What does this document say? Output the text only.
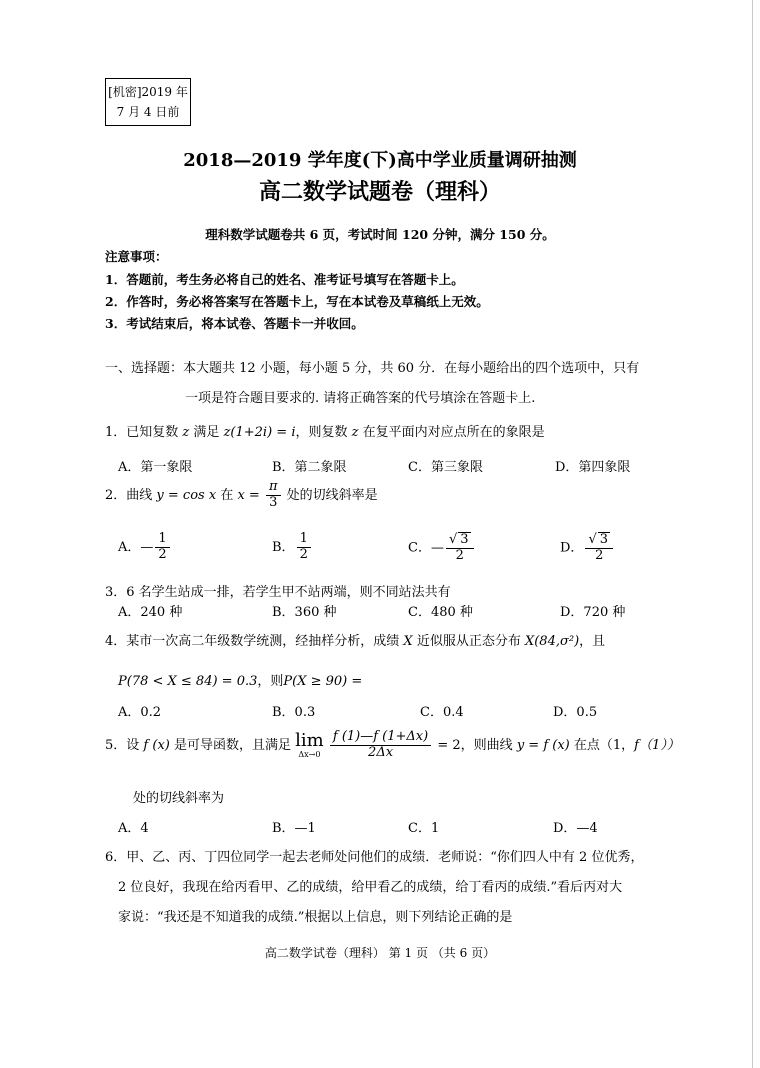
[机密]2019 年
7 月 4 日前
2018—2019 学年度(下)高中学业质量调研抽测
高二数学试题卷（理科）
理科数学试题卷共 6 页，考试时间 120 分钟，满分 150 分。
注意事项：
1．答题前，考生务必将自己的姓名、准考证号填写在答题卡上。
2．作答时，务必将答案写在答题卡上，写在本试卷及草稿纸上无效。
3．考试结束后，将本试卷、答题卡一并收回。
一、选择题：本大题共 12 小题，每小题 5 分，共 60 分．在每小题给出的四个选项中，只有
一项是符合题目要求的. 请将正确答案的代号填涂在答题卡上.
1．已知复数 z 满足 z(1+2i) = i，则复数 z 在复平面内对应点所在的象限是
A．第一象限	B．第二象限	C．第三象限	D．第四象限
2．曲线 y = cos x 在 $x = \frac{\pi}{3}$ 处的切线斜率是
A．— $\frac{1}{2}$	B． $\frac{1}{2}$	C．— $\frac{√ 3}{2}$	D． $\frac{√ 3}{2}$
3．6 名学生站成一排，若学生甲不站两端，则不同站法共有
A．240 种	B．360 种	C．480 种	D．720 种
4．某市一次高二年级数学统测，经抽样分析，成绩 X 近似服从正态分布 X(84,σ²)，且
P(78 < X ≤ 84) = 0.3，则P(X ≥ 90) =
A．0.2	B．0.3	C．0.4	D．0.5
5．设 f (x) 是可导函数，且满足 lim
Δx→0
$\frac{f (1)—f (1+\Delta x)}{2\Delta x} = 2$，则曲线 y = f (x) 在点（1，f（1））
处的切线斜率为
A．4	B．—1	C．1	D．—4
6．甲、乙、丙、丁四位同学一起去老师处问他们的成绩．老师说：“你们四人中有 2 位优秀，
2 位良好，我现在给丙看甲、乙的成绩，给甲看乙的成绩，给丁看丙的成绩.”看后丙对大
家说：“我还是不知道我的成绩.”根据以上信息，则下列结论正确的是
高二数学试卷（理科） 第 1 页 （共 6 页）
